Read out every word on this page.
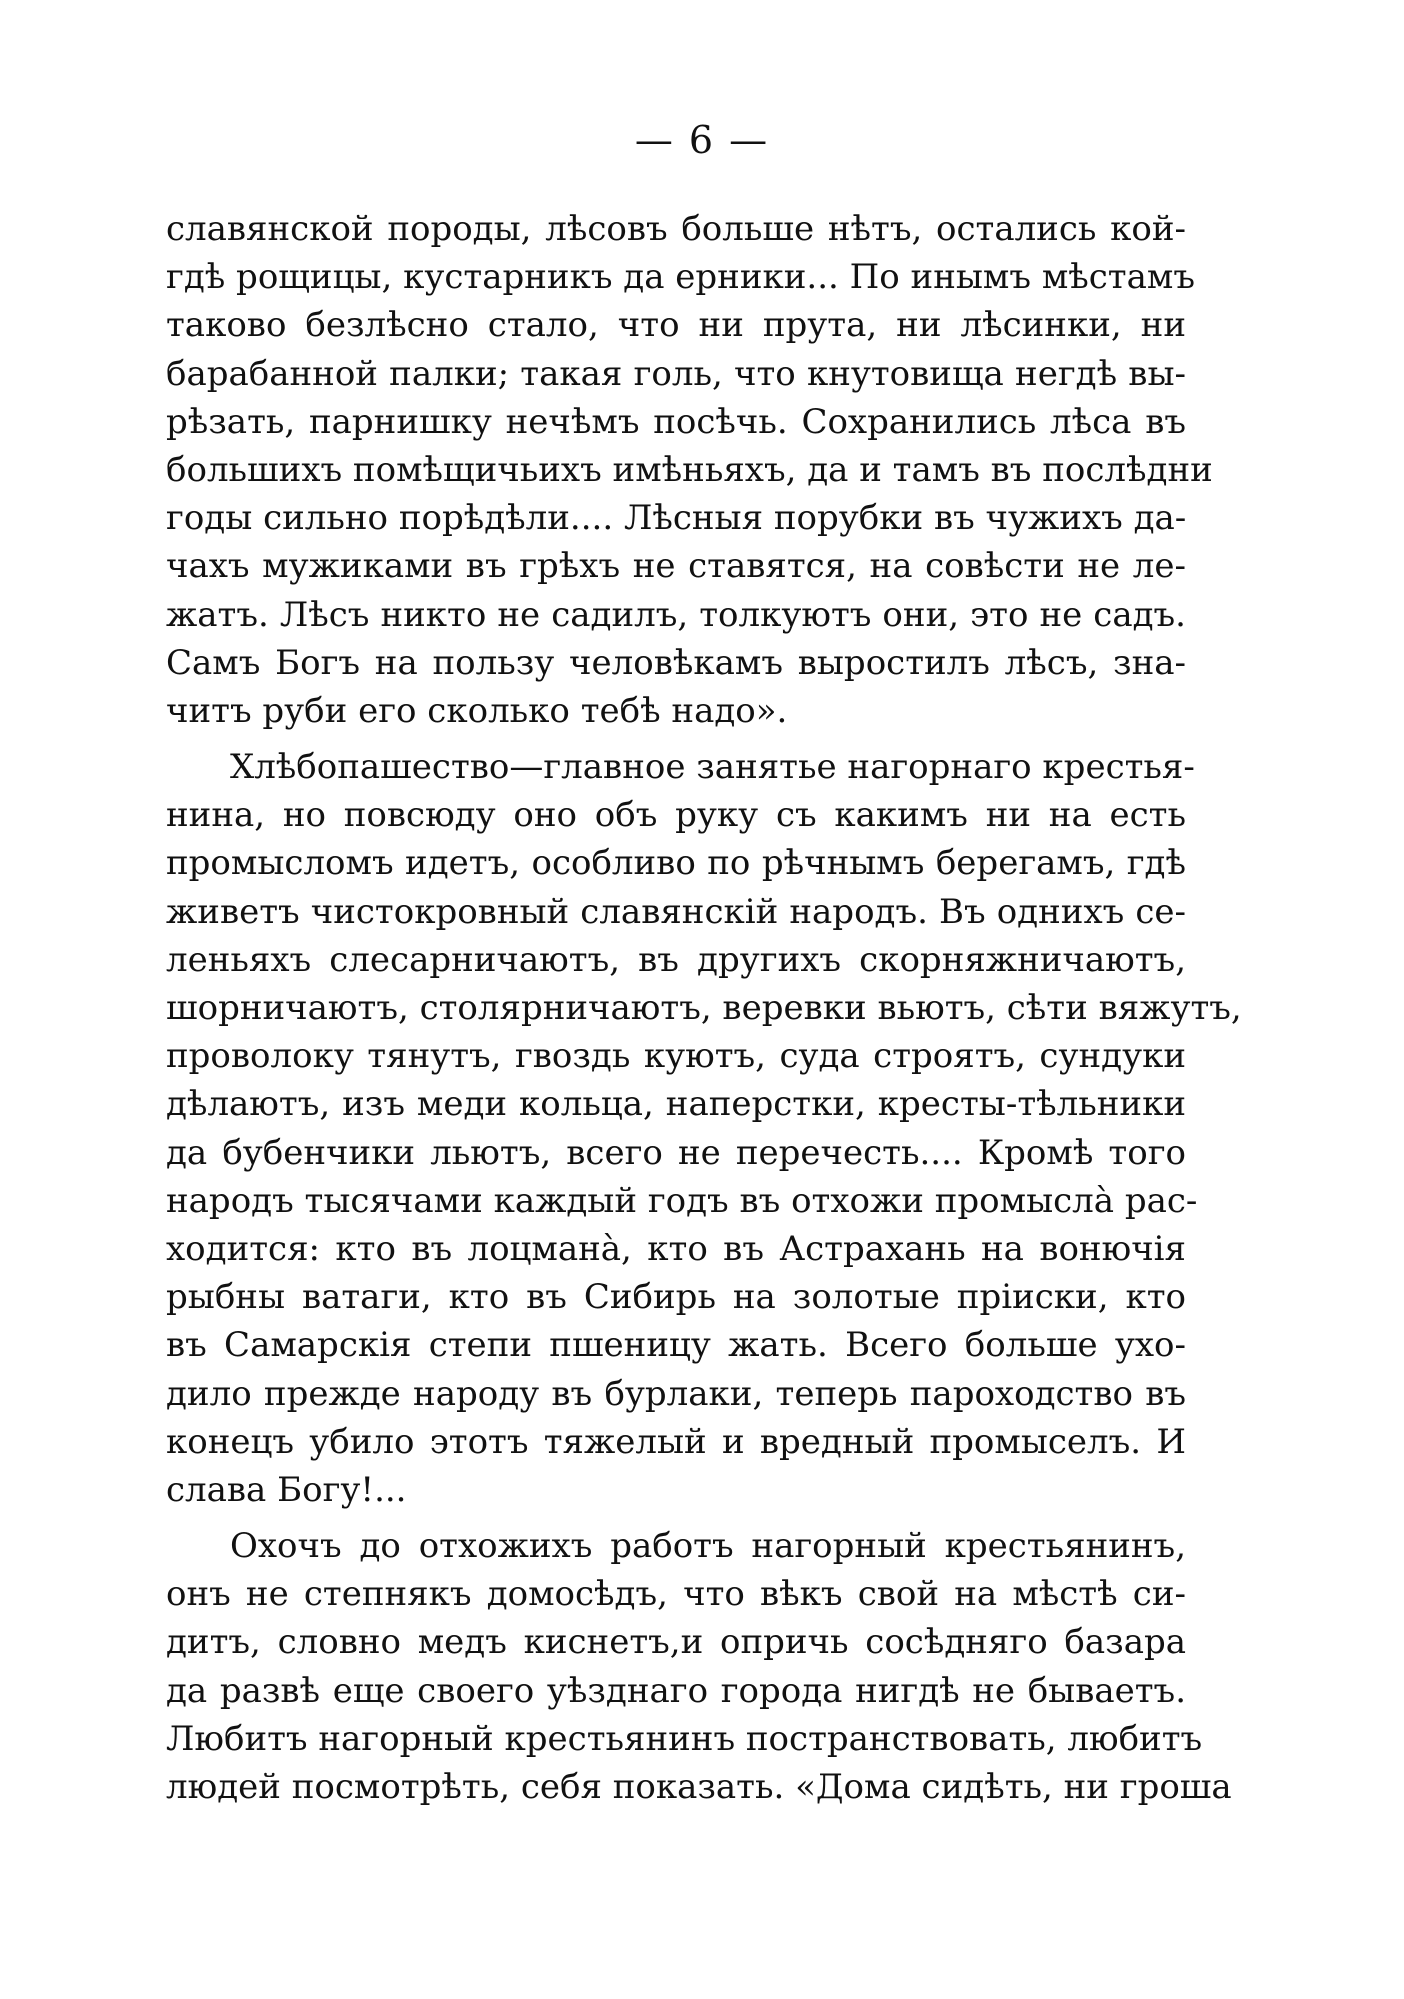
— 6 —
славянской породы, лѣсовъ больше нѣтъ, остались кой-
гдѣ рощицы, кустарникъ да ерники... По инымъ мѣстамъ
таково безлѣсно стало, что ни прута, ни лѣсинки, ни
барабанной палки; такая голь, что кнутовища негдѣ вы-
рѣзать, парнишку нечѣмъ посѣчь. Сохранились лѣса въ
большихъ помѣщичьихъ имѣньяхъ, да и тамъ въ послѣдни
годы сильно порѣдѣли.... Лѣсныя порубки въ чужихъ да-
чахъ мужиками въ грѣхъ не ставятся, на совѣсти не ле-
жатъ. Лѣсъ никто не садилъ, толкуютъ они, это не садъ.
Самъ Богъ на пользу человѣкамъ выростилъ лѣсъ, зна-
читъ руби его сколько тебѣ надо».
Хлѣбопашество—главное занятье нагорнаго крестья-
нина, но повсюду оно объ руку съ какимъ ни на есть
промысломъ идетъ, особливо по рѣчнымъ берегамъ, гдѣ
живетъ чистокровный славянскій народъ. Въ однихъ се-
леньяхъ слесарничаютъ, въ другихъ скорняжничаютъ,
шорничаютъ, столярничаютъ, веревки вьютъ, сѣти вяжутъ,
проволоку тянутъ, гвоздь куютъ, суда строятъ, сундуки
дѣлаютъ, изъ меди кольца, наперстки, кресты-тѣльники
да бубенчики льютъ, всего не перечесть.... Кромѣ того
народъ тысячами каждый годъ въ отхожи промыслà рас-
ходится: кто въ лоцманà, кто въ Астрахань на вонючія
рыбны ватаги, кто въ Сибирь на золотые пріиски, кто
въ Самарскія степи пшеницу жать. Всего больше ухо-
дило прежде народу въ бурлаки, теперь пароходство въ
конецъ убило этотъ тяжелый и вредный промыселъ. И
слава Богу!...
Охочъ до отхожихъ работъ нагорный крестьянинъ,
онъ не степнякъ домосѣдъ, что вѣкъ свой на мѣстѣ си-
дитъ, словно медъ киснетъ,и опричь сосѣдняго базара
да развѣ еще своего уѣзднаго города нигдѣ не бываетъ.
Любитъ нагорный крестьянинъ постранствовать, любитъ
людей посмотрѣть, себя показать. «Дома сидѣть, ни гроша
